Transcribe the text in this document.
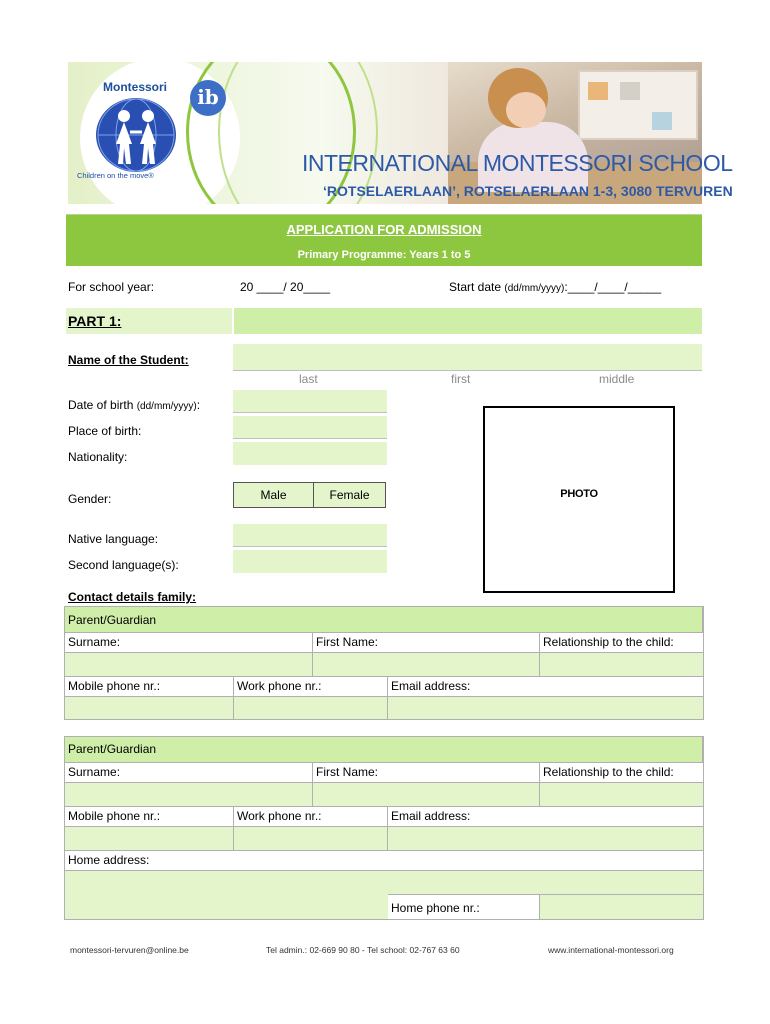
Montessori
Children on the move®
ib
INTERNATIONAL MONTESSORI SCHOOL
‘ROTSELAERLAAN’, ROTSELAERLAAN 1-3, 3080 TERVUREN
APPLICATION FOR ADMISSION
Primary Programme: Years 1 to 5
For school year:	20 ____/ 20____	Start date (dd/mm/yyyy):____/____/_____
PART 1:
Name of the Student:
last	first	middle
Date of birth (dd/mm/yyyy):
Place of birth:
Nationality:
Gender:	Male	Female	PHOTO
Native language:
Second language(s):
Contact details family:
Parent/Guardian
Surname:	First Name:	Relationship to the child:
Mobile phone nr.:	Work phone nr.:	Email address:
Parent/Guardian
Surname:	First Name:	Relationship to the child:
Mobile phone nr.:	Work phone nr.:	Email address:
Home address:
Home phone nr.:
montessori-tervuren@online.be	Tel admin.: 02-669 90 80 - Tel school: 02-767 63 60	www.international-montessori.org
